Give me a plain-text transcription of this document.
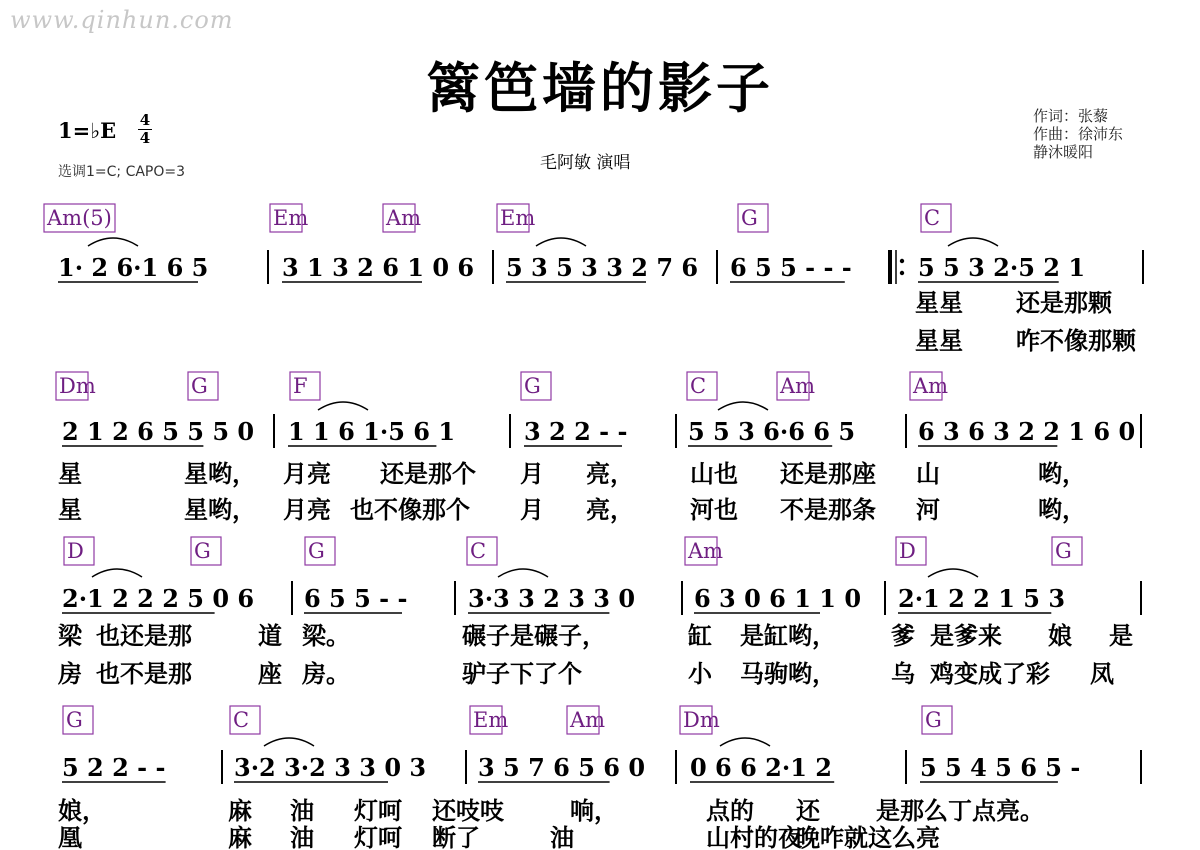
www.qinhun.com
篱笆墙的影子
1=♭E 4
4
选调1=C; CAPO=3	毛阿敏 演唱
作词：张藜
作曲：徐沛东
静沐暖阳
Am(5)	Em	Am	Em	G	C
1· 2 6·1 6 5	3 1 3 2 6 1 0 6 5 3 5 3 3 2 7 6 6 5 5 - - -	5 5 3 2·5 2 1
星星 还是那颗
星星 咋不像那颗
Dm	G	F	G	C	Am	Am
2 1 2 6 5 5 5 0 1 1 6 1·5 6 1	3 2 2 - -	5 5 3 6·6 6 5	6 3 6 3 2 2 1 6 0
星	星哟， 月亮 还是那个 月 亮， 山也 还是那座 山	哟，
星	星哟， 月亮 也不像那个 月 亮， 河也 不是那条 河	哟，
D	G	G	C	Am	D	G
2·1 2 2 2 5 0 6 6 5 5 - -	3·3 3 2 3 3 0 6 3 0 6 1 1 0 2·1 2 2 1 5 3
梁 也还是那	道 梁。	碾子是碾子，	缸 是缸哟， 爹 是爹来 娘 是
房 也不是那	座 房。	驴子下了个	小 马驹哟， 乌 鸡变成了彩 凤
G	C	Em	Am	Dm	G
5 2 2 - -	3·2 3·2 3 3 0 3 3 5 7 6 5 6 0 0 6 6 2·1 2	5 5 4 5 6 5 -
娘，	麻 油 灯呵 还吱吱	响，	点的 还 是那么丁点亮。
凰	麻 油 灯呵 断了	油	山村的夜
晚咋就这么亮
